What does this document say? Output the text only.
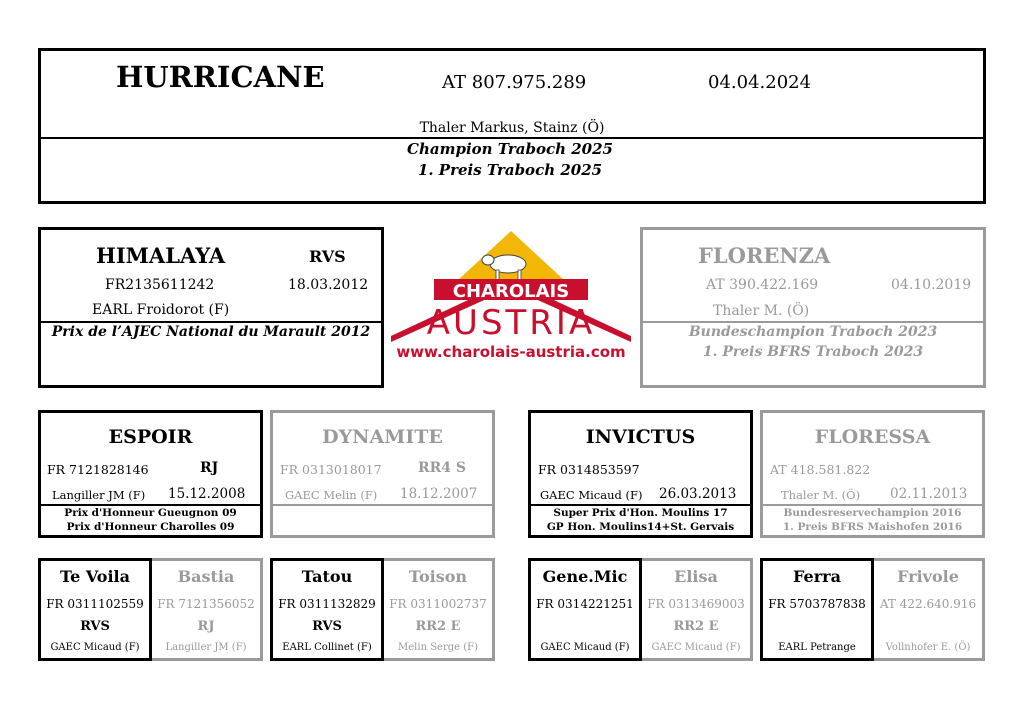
HURRICANE	AT 807.975.289	04.04.2024
Thaler Markus, Stainz (Ö)
Champion Traboch 2025
1. Preis Traboch 2025
HIMALAYA	RVS
FR2135611242	18.03.2012
EARL Froidorot (F)
Prix de l’AJEC National du Marault 2012
CHAROLAIS
AUSTRIA
www.charolais-austria.com
FLORENZA
AT 390.422.169	04.10.2019
Thaler M. (Ö)
Bundeschampion Traboch 2023
1. Preis BFRS Traboch 2023
ESPOIR
FR 7121828146	RJ
Langiller JM (F) 15.12.2008
Prix d'Honneur Gueugnon 09
Prix d'Honneur Charolles 09
DYNAMITE
FR 0313018017	RR4 S
GAEC Melin (F) 18.12.2007
INVICTUS
FR 0314853597
GAEC Micaud (F) 26.03.2013
Super Prix d'Hon. Moulins 17
GP Hon. Moulins14+St. Gervais
FLORESSA
AT 418.581.822
Thaler M. (Ö) 02.11.2013
Bundesreservechampion 2016
1. Preis BFRS Maishofen 2016
Te Voila
FR 0311102559
RVS
GAEC Micaud (F)
Bastia
FR 7121356052
RJ
Langiller JM (F)
Tatou
FR 0311132829
RVS
EARL Collinet (F)
Toison
FR 0311002737
RR2 E
Melin Serge (F)
Gene.Mic
FR 0314221251
GAEC Micaud (F)
Elisa
FR 0313469003
RR2 E
GAEC Micaud (F)
Ferra
FR 5703787838
EARL Petrange
Frivole
AT 422.640.916
Vollnhofer E. (Ö)
